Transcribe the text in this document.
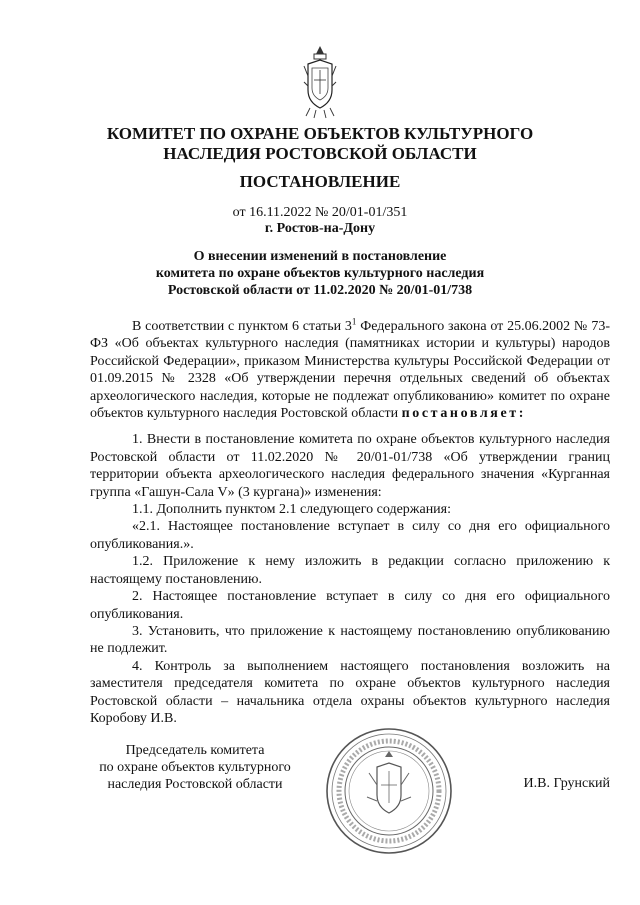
КОМИТЕТ ПО ОХРАНЕ ОБЪЕКТОВ КУЛЬТУРНОГО
НАСЛЕДИЯ РОСТОВСКОЙ ОБЛАСТИ
ПОСТАНОВЛЕНИЕ
от 16.11.2022 № 20/01-01/351
г. Ростов-на-Дону
О внесении изменений в постановление
комитета по охране объектов культурного наследия
Ростовской области от 11.02.2020 № 20/01-01/738

В соответствии с пунктом 6 статьи $3^1$ Федерального закона от 25.06.2002 № 73-ФЗ «Об объектах культурного наследия (памятниках истории и культуры) народов Российской Федерации», приказом Министерства культуры Российской Федерации от 01.09.2015 № 2328 «Об утверждении перечня отдельных сведений об объектах археологического наследия, которые не подлежат опубликованию» комитет по охране объектов культурного наследия Ростовской области постановляет:

1. Внести в постановление комитета по охране объектов культурного наследия Ростовской области от 11.02.2020 № 20/01-01/738 «Об утверждении границ территории объекта археологического наследия федерального значения «Курганная группа «Гашун-Сала V» (3 кургана)» изменения:

1.1. Дополнить пунктом 2.1 следующего содержания:

«2.1. Настоящее постановление вступает в силу со дня его официального опубликования.».

1.2. Приложение к нему изложить в редакции согласно приложению к настоящему постановлению.

2. Настоящее постановление вступает в силу со дня его официального опубликования.

3. Установить, что приложение к настоящему постановлению опубликованию не подлежит.

4. Контроль за выполнением настоящего постановления возложить на заместителя председателя комитета по охране объектов культурного наследия Ростовской области – начальника отдела охраны объектов культурного наследия Коробову И.В.

Председатель комитета
по охране объектов культурного
наследия Ростовской области	И.В. Грунский
